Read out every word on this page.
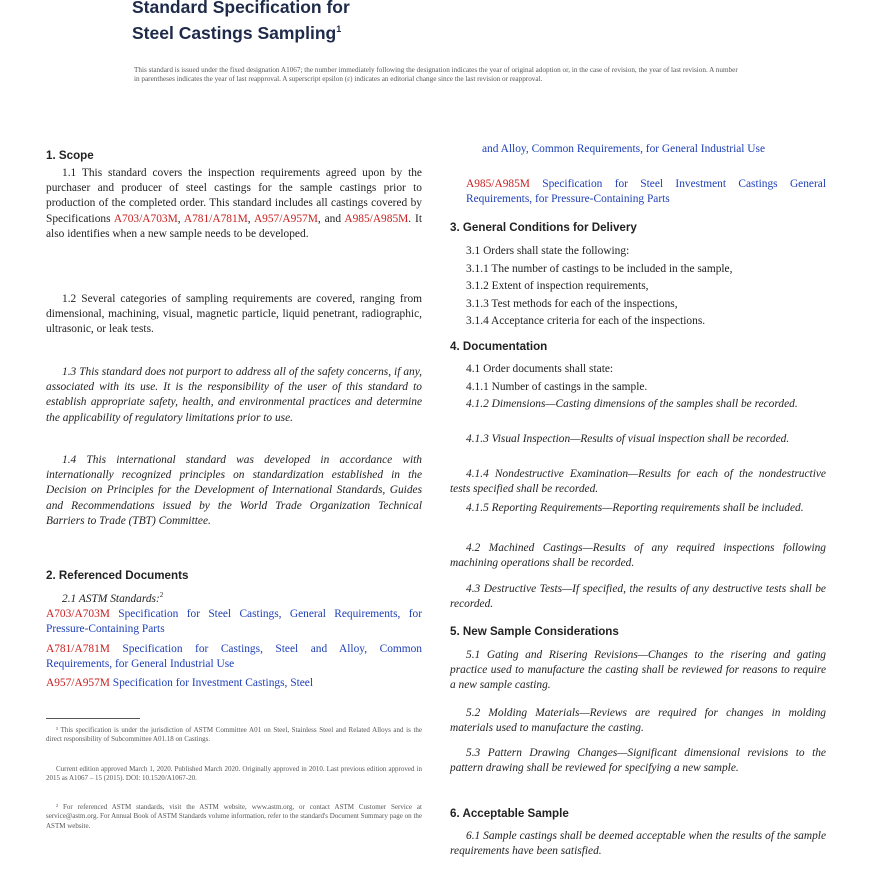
Standard Specification for
Steel Castings Sampling$^1$
This standard is issued under the fixed designation A1067; the number immediately following the designation indicates the year of original adoption or, in the case of revision, the year of last revision. A number in parentheses indicates the year of last reapproval. A superscript epsilon (ε) indicates an editorial change since the last revision or reapproval.
1. Scope

1.1 This standard covers the inspection requirements agreed upon by the purchaser and producer of steel castings for the sample castings prior to production of the completed order. This standard includes all castings covered by Specifications A703/A703M, A781/A781M, A957/A957M, and A985/A985M. It also identifies when a new sample needs to be developed.

1.2 Several categories of sampling requirements are covered, ranging from dimensional, machining, visual, magnetic particle, liquid penetrant, radiographic, ultrasonic, or leak tests.

1.3 This standard does not purport to address all of the safety concerns, if any, associated with its use. It is the responsibility of the user of this standard to establish appropriate safety, health, and environmental practices and determine the applicability of regulatory limitations prior to use.

1.4 This international standard was developed in accordance with internationally recognized principles on standardization established in the Decision on Principles for the Development of International Standards, Guides and Recommendations issued by the World Trade Organization Technical Barriers to Trade (TBT) Committee.

2. Referenced Documents

2.1 ASTM Standards:$^2$

A703/A703M Specification for Steel Castings, General Requirements, for Pressure-Containing Parts

A781/A781M Specification for Castings, Steel and Alloy, Common Requirements, for General Industrial Use

A957/A957M Specification for Investment Castings, Steel

¹ This specification is under the jurisdiction of ASTM Committee A01 on Steel, Stainless Steel and Related Alloys and is the direct responsibility of Subcommittee A01.18 on Castings.

Current edition approved March 1, 2020. Published March 2020. Originally approved in 2010. Last previous edition approved in 2015 as A1067 – 15 (2015). DOI: 10.1520/A1067-20.

² For referenced ASTM standards, visit the ASTM website, www.astm.org, or contact ASTM Customer Service at service@astm.org. For Annual Book of ASTM Standards volume information, refer to the standard's Document Summary page on the ASTM website.

and Alloy, Common Requirements, for General Industrial Use

A985/A985M Specification for Steel Investment Castings General Requirements, for Pressure-Containing Parts

3. General Conditions for Delivery

3.1 Orders shall state the following:

3.1.1 The number of castings to be included in the sample,

3.1.2 Extent of inspection requirements,

3.1.3 Test methods for each of the inspections,

3.1.4 Acceptance criteria for each of the inspections.

4. Documentation

4.1 Order documents shall state:

4.1.1 Number of castings in the sample.

4.1.2 Dimensions—Casting dimensions of the samples shall be recorded.

4.1.3 Visual Inspection—Results of visual inspection shall be recorded.

4.1.4 Nondestructive Examination—Results for each of the nondestructive tests specified shall be recorded.

4.1.5 Reporting Requirements—Reporting requirements shall be included.

4.2 Machined Castings—Results of any required inspections following machining operations shall be recorded.

4.3 Destructive Tests—If specified, the results of any destructive tests shall be recorded.

5. New Sample Considerations

5.1 Gating and Risering Revisions—Changes to the risering and gating practice used to manufacture the casting shall be reviewed for reasons to require a new sample casting.

5.2 Molding Materials—Reviews are required for changes in molding materials used to manufacture the casting.

5.3 Pattern Drawing Changes—Significant dimensional revisions to the pattern drawing shall be reviewed for specifying a new sample.

6. Acceptable Sample

6.1 Sample castings shall be deemed acceptable when the results of the sample requirements have been satisfied.
